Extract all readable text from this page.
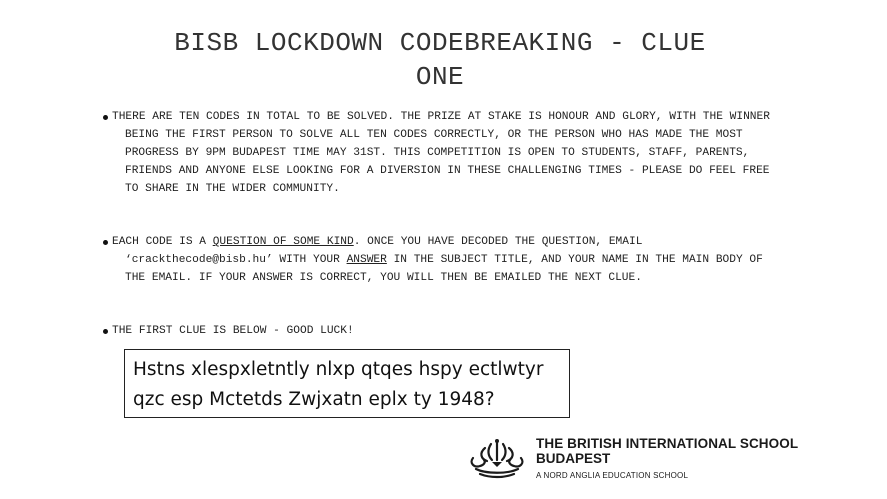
BISB LOCKDOWN CODEBREAKING - CLUE
ONE

THERE ARE TEN CODES IN TOTAL TO BE SOLVED. THE PRIZE AT STAKE IS HONOUR AND GLORY, WITH THE WINNER BEING THE FIRST PERSON TO SOLVE ALL TEN CODES CORRECTLY, OR THE PERSON WHO HAS MADE THE MOST PROGRESS BY 9PM BUDAPEST TIME MAY 31ST. THIS COMPETITION IS OPEN TO STUDENTS, STAFF, PARENTS, FRIENDS AND ANYONE ELSE LOOKING FOR A DIVERSION IN THESE CHALLENGING TIMES - PLEASE DO FEEL FREE TO SHARE IN THE WIDER COMMUNITY.

EACH CODE IS A QUESTION OF SOME KIND. ONCE YOU HAVE DECODED THE QUESTION, EMAIL ‘crackthecode@bisb.hu’ WITH YOUR ANSWER IN THE SUBJECT TITLE, AND YOUR NAME IN THE MAIN BODY OF THE EMAIL. IF YOUR ANSWER IS CORRECT, YOU WILL THEN BE EMAILED THE NEXT CLUE.

THE FIRST CLUE IS BELOW - GOOD LUCK!

Hstns xlespxletntly nlxp qtqes hspy ectlwtyr
qzc esp Mctetds Zwjxatn eplx ty 1948?
THE BRITISH INTERNATIONAL SCHOOL
BUDAPEST
A NORD ANGLIA EDUCATION SCHOOL
